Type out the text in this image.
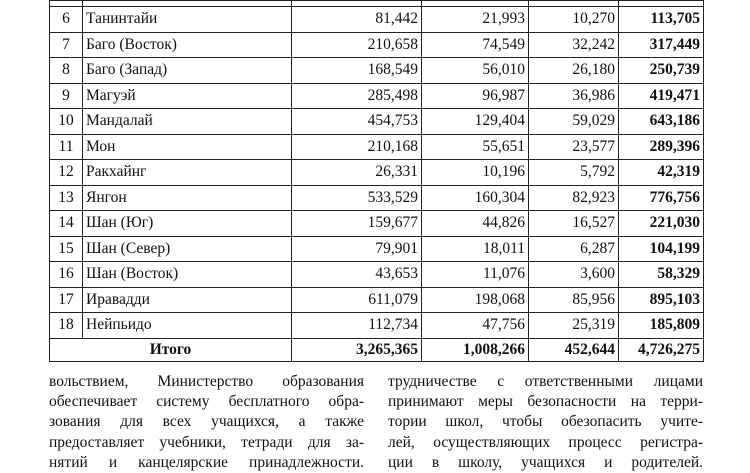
6	Танинтайи	81,442	21,993	10,270	113,705
7	Баго (Восток)	210,658	74,549	32,242	317,449
8	Баго (Запад)	168,549	56,010	26,180	250,739
9	Магуэй	285,498	96,987	36,986	419,471
10	Мандалай	454,753	129,404	59,029	643,186
11	Мон	210,168	55,651	23,577	289,396
12	Ракхайнг	26,331	10,196	5,792	42,319
13	Янгон	533,529	160,304	82,923	776,756
14	Шан (Юг)	159,677	44,826	16,527	221,030
15	Шан (Север)	79,901	18,011	6,287	104,199
16	Шан (Восток)	43,653	11,076	3,600	58,329
17	Иравадди	611,079	198,068	85,956	895,103
18	Нейпьидо	112,734	47,756	25,319	185,809
Итого		3,265,365	1,008,266	452,644	4,726,275
вольствием, Министерство образования
обеспечивает систему бесплатного обра-
зования для всех учащихся, а также
предоставляет учебники, тетради для за-
нятий и канцелярские принадлежности.
трудничестве с ответственными лицами
принимают меры безопасности на терри-
тории школ, чтобы обезопасить учите-
лей, осуществляющих процесс регистра-
ции в школу, учащихся и родителей.
